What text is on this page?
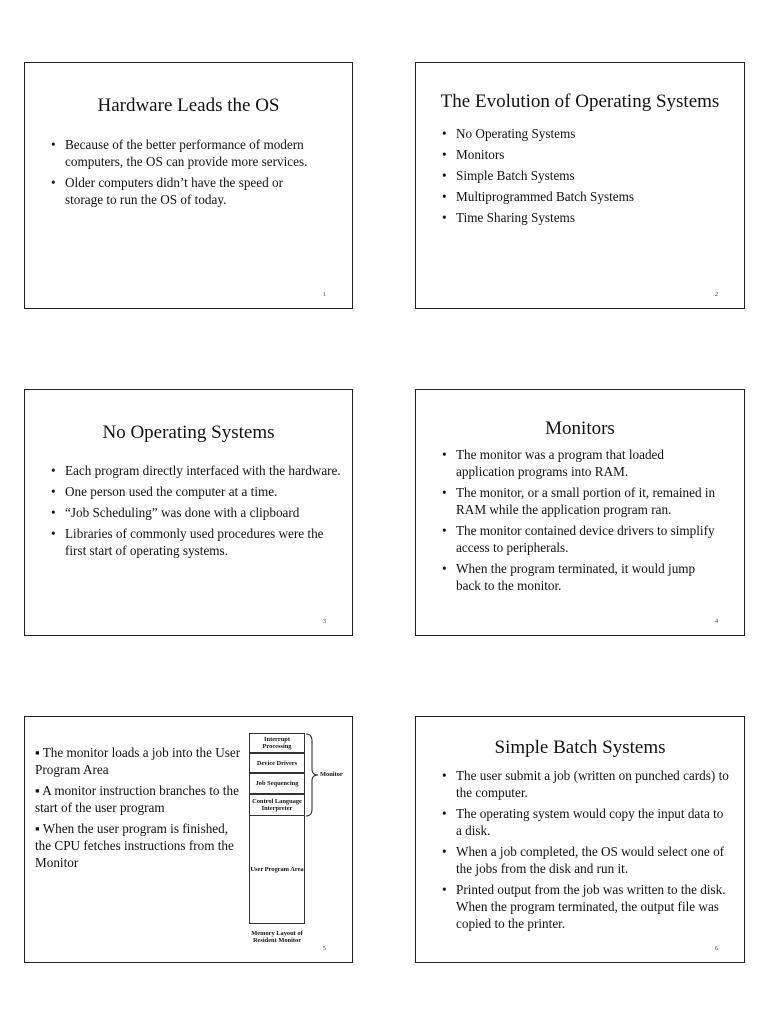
Hardware Leads the OS
• Because of the better performance of modern computers, the OS can provide more services.
• Older computers didn’t have the speed or storage to run the OS of today.
1
The Evolution of Operating Systems
• No Operating Systems
• Monitors
• Simple Batch Systems
• Multiprogrammed Batch Systems
• Time Sharing Systems
2
No Operating Systems
• Each program directly interfaced with the hardware.
• One person used the computer at a time.
• “Job Scheduling” was done with a clipboard
• Libraries of commonly used procedures were the first start of operating systems.
3
Monitors
• The monitor was a program that loaded application programs into RAM.
• The monitor, or a small portion of it, remained in RAM while the application program ran.
• The monitor contained device drivers to simplify access to peripherals.
• When the program terminated, it would jump back to the monitor.
4
▪ The monitor loads a job into the User Program Area
▪ A monitor instruction branches to the start of the user program
▪ When the user program is finished, the CPU fetches instructions from the Monitor
Interrupt Processing
Device Drivers
Job Sequencing
Control Language Interpreter
User Program Area
Monitor
Memory Layout of Resident Monitor
5
Simple Batch Systems
• The user submit a job (written on punched cards) to the computer.
• The operating system would copy the input data to a disk.
• When a job completed, the OS would select one of the jobs from the disk and run it.
• Printed output from the job was written to the disk. When the program terminated, the output file was copied to the printer.
6
